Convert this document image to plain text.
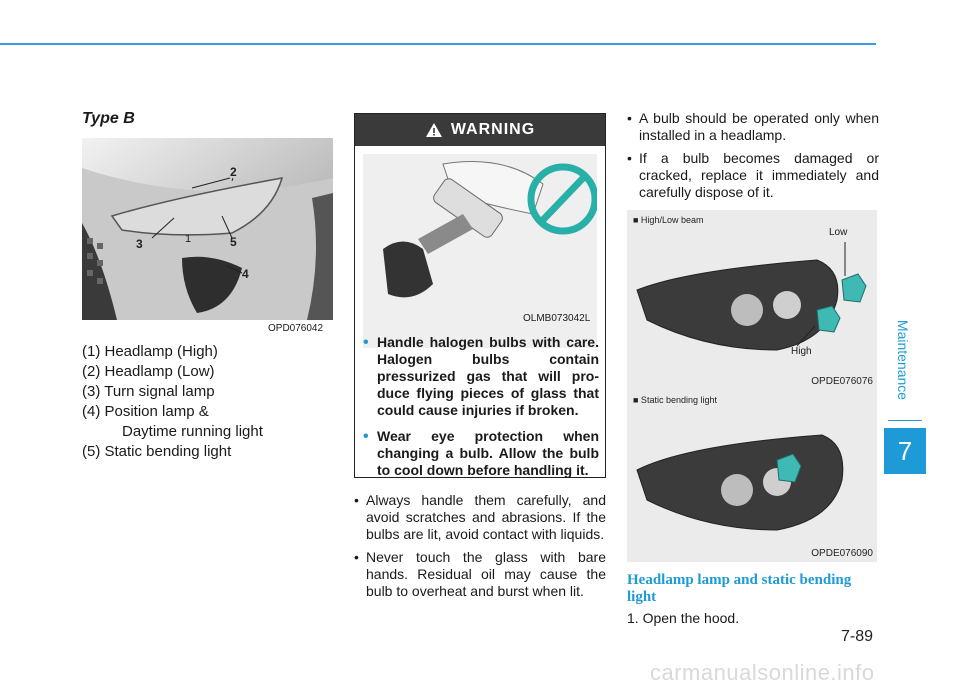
Maintenance
7
7-89
carmanualsonline.info
Type B
2
1
3	5
4
OPD076042
(1) Headlamp (High)
(2) Headlamp (Low)
(3) Turn signal lamp
(4) Position lamp &
Daytime running light
(5) Static bending light
WARNING
OLMB073042L
• Handle halogen bulbs with care. Halogen bulbs contain pressurized gas that will pro-duce flying pieces of glass that could cause injuries if broken.
• Wear eye protection when changing a bulb. Allow the bulb to cool down before handling it.
• Always handle them carefully, and avoid scratches and abrasions. If the bulbs are lit, avoid contact with liquids.
• Never touch the glass with bare hands. Residual oil may cause the bulb to overheat and burst when lit.
• A bulb should be operated only when installed in a headlamp.
• If a bulb becomes damaged or cracked, replace it immediately and carefully dispose of it.
■ High/Low beam
Low
High
OPDE076076
■ Static bending light
OPDE076090
Headlamp lamp and static bending light
1. Open the hood.
